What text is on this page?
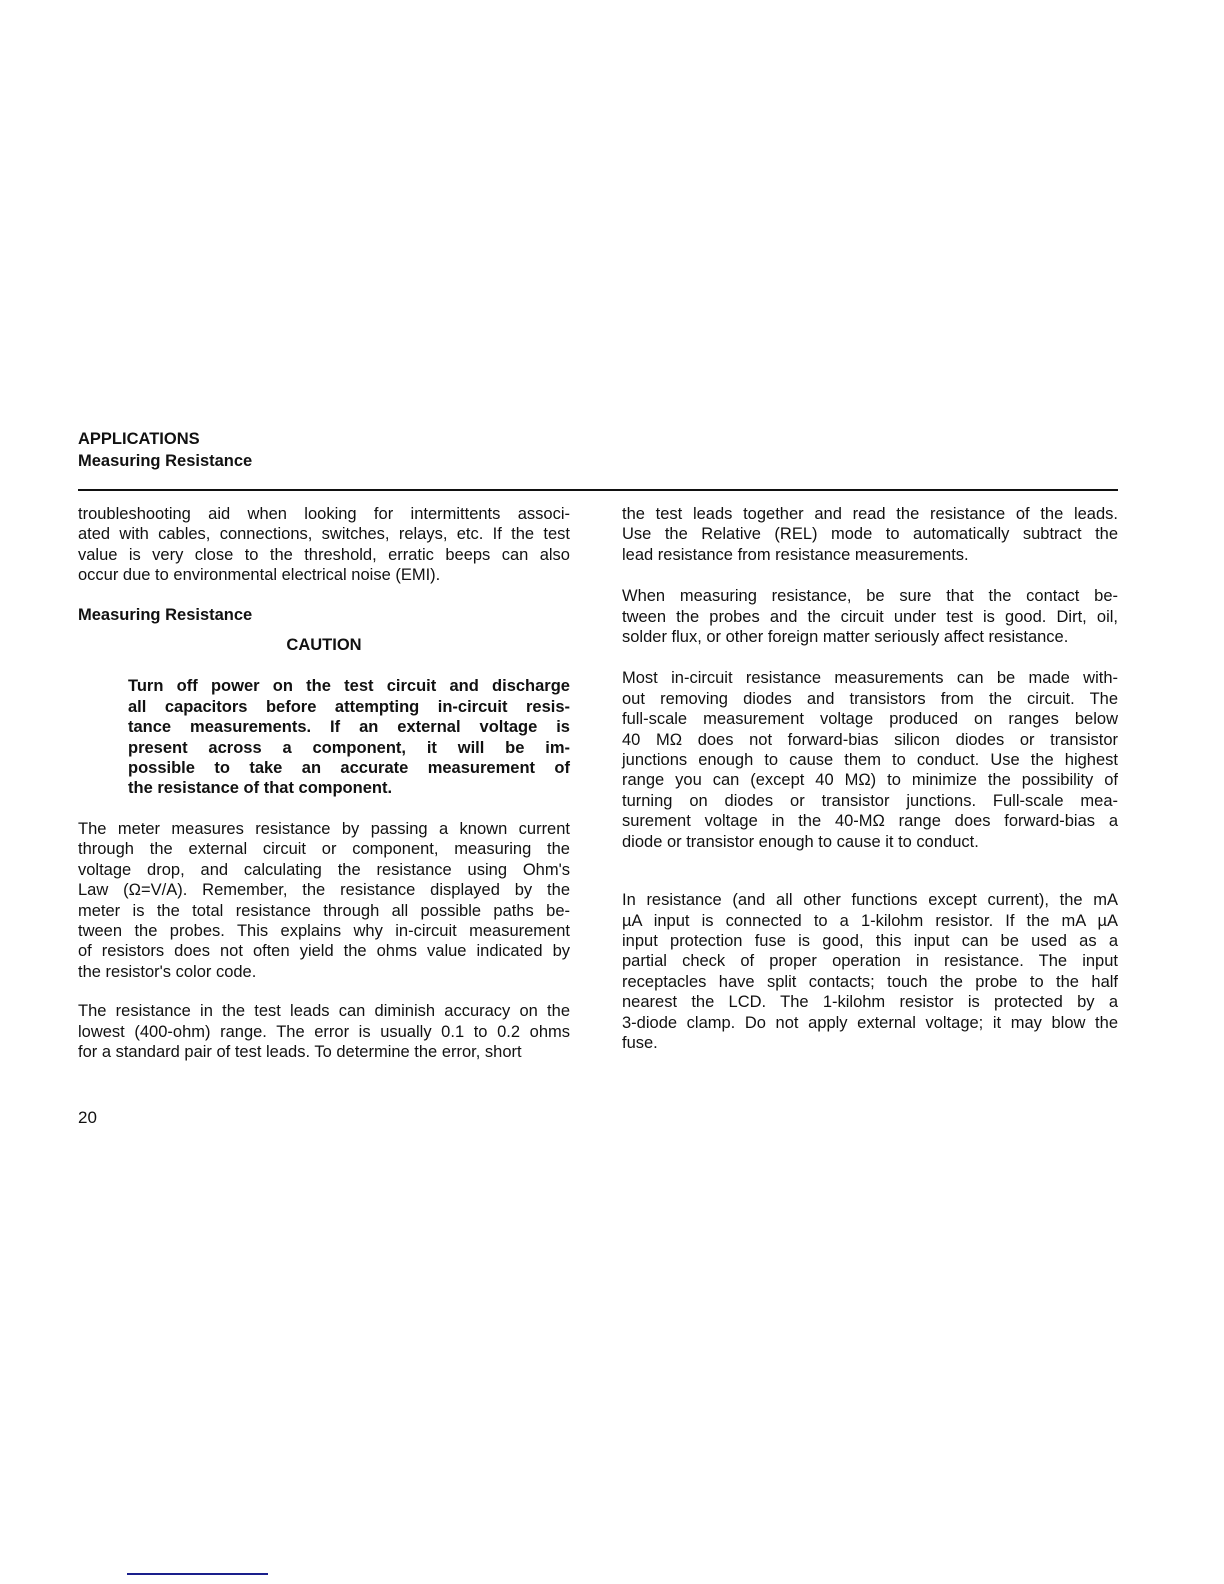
APPLICATIONS
Measuring Resistance
troubleshooting aid when looking for intermittents associ-
ated with cables, connections, switches, relays, etc. If the test
value is very close to the threshold, erratic beeps can also
occur due to environmental electrical noise (EMI).
Measuring Resistance
CAUTION
Turn off power on the test circuit and discharge
all capacitors before attempting in-circuit resis-
tance measurements. If an external voltage is
present across a component, it will be im-
possible to take an accurate measurement of
the resistance of that component.
The meter measures resistance by passing a known current
through the external circuit or component, measuring the
voltage drop, and calculating the resistance using Ohm's
Law (Ω=V/A). Remember, the resistance displayed by the
meter is the total resistance through all possible paths be-
tween the probes. This explains why in-circuit measurement
of resistors does not often yield the ohms value indicated by
the resistor's color code.
The resistance in the test leads can diminish accuracy on the
lowest (400-ohm) range. The error is usually 0.1 to 0.2 ohms
for a standard pair of test leads. To determine the error, short
the test leads together and read the resistance of the leads.
Use the Relative (REL) mode to automatically subtract the
lead resistance from resistance measurements.
When measuring resistance, be sure that the contact be-
tween the probes and the circuit under test is good. Dirt, oil,
solder flux, or other foreign matter seriously affect resistance.
Most in-circuit resistance measurements can be made with-
out removing diodes and transistors from the circuit. The
full-scale measurement voltage produced on ranges below
40 MΩ does not forward-bias silicon diodes or transistor
junctions enough to cause them to conduct. Use the highest
range you can (except 40 MΩ) to minimize the possibility of
turning on diodes or transistor junctions. Full-scale mea-
surement voltage in the 40-MΩ range does forward-bias a
diode or transistor enough to cause it to conduct.
In resistance (and all other functions except current), the mA
µA input is connected to a 1-kilohm resistor. If the mA µA
input protection fuse is good, this input can be used as a
partial check of proper operation in resistance. The input
receptacles have split contacts; touch the probe to the half
nearest the LCD. The 1-kilohm resistor is protected by a
3-diode clamp. Do not apply external voltage; it may blow the
fuse.
20
